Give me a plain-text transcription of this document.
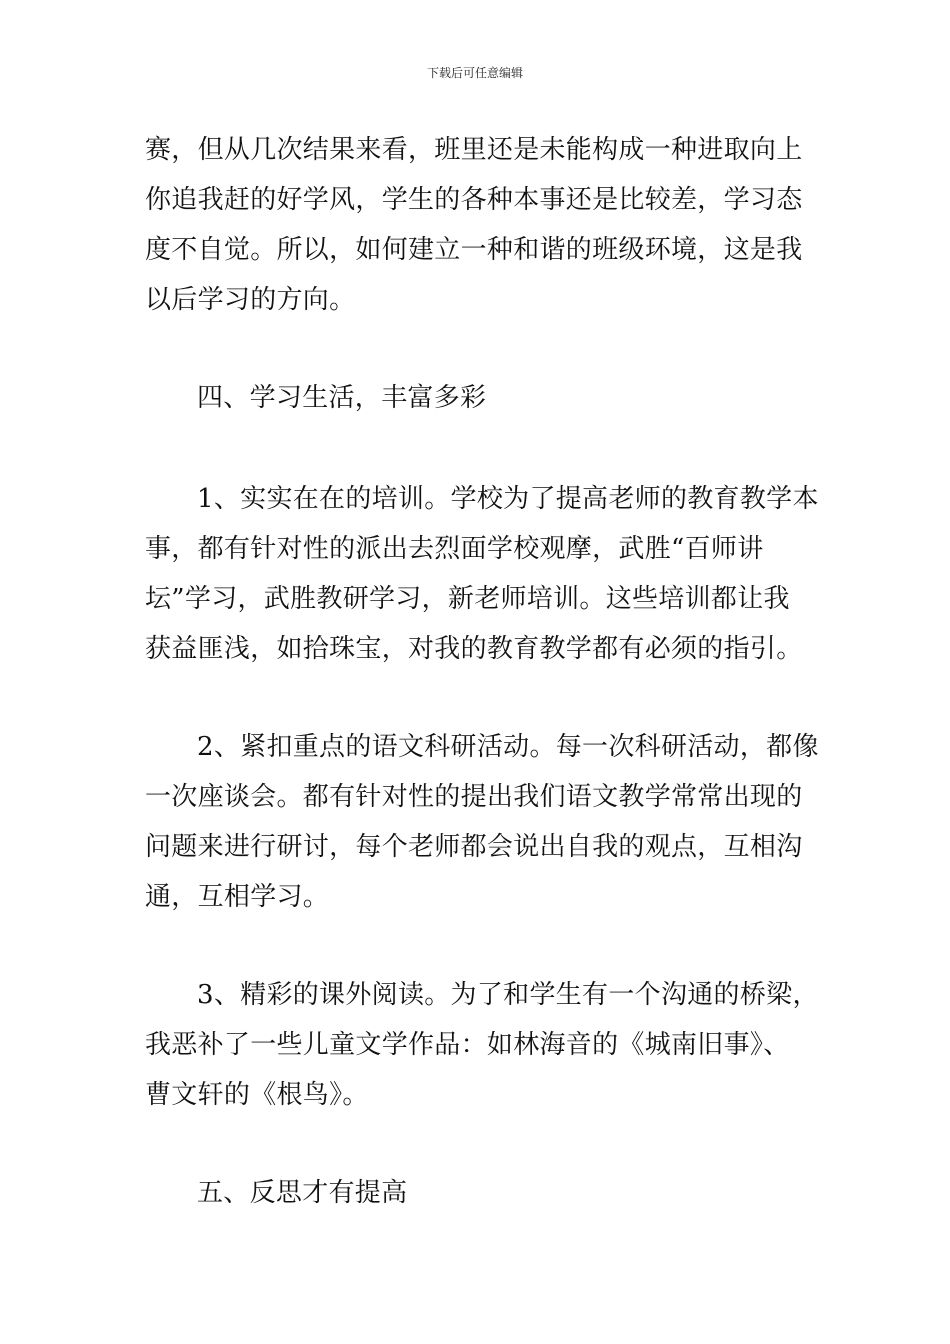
下载后可任意编辑
赛，但从几次结果来看，班里还是未能构成一种进取向上
你追我赶的好学风，学生的各种本事还是比较差，学习态
度不自觉。所以，如何建立一种和谐的班级环境，这是我
以后学习的方向。
四、学习生活，丰富多彩
1、实实在在的培训。学校为了提高老师的教育教学本
事，都有针对性的派出去烈面学校观摩，武胜“百师讲
坛”学习，武胜教研学习，新老师培训。这些培训都让我
获益匪浅，如拾珠宝，对我的教育教学都有必须的指引。
2、紧扣重点的语文科研活动。每一次科研活动，都像
一次座谈会。都有针对性的提出我们语文教学常常出现的
问题来进行研讨，每个老师都会说出自我的观点，互相沟
通，互相学习。
3、精彩的课外阅读。为了和学生有一个沟通的桥梁，
我恶补了一些儿童文学作品：如林海音的《城南旧事》、
曹文轩的《根鸟》。
五、反思才有提高
